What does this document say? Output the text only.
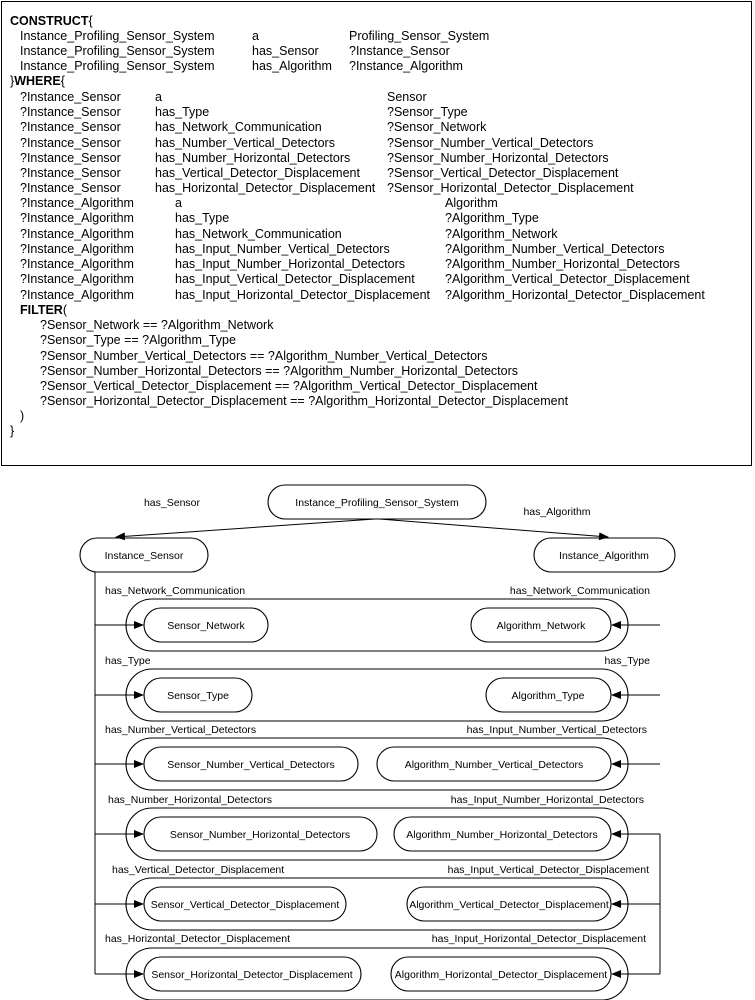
CONSTRUCT{
Instance_Profiling_Sensor_System	a	Profiling_Sensor_System
Instance_Profiling_Sensor_System	has_Sensor ?Instance_Sensor
Instance_Profiling_Sensor_System	has_Algorithm ?Instance_Algorithm
}WHERE{
?Instance_Sensor	a	Sensor
?Instance_Sensor	has_Type	?Sensor_Type
?Instance_Sensor	has_Network_Communication	?Sensor_Network
?Instance_Sensor	has_Number_Vertical_Detectors	?Sensor_Number_Vertical_Detectors
?Instance_Sensor	has_Number_Horizontal_Detectors	?Sensor_Number_Horizontal_Detectors
?Instance_Sensor	has_Vertical_Detector_Displacement ?Sensor_Vertical_Detector_Displacement
?Instance_Sensor	has_Horizontal_Detector_Displacement ?Sensor_Horizontal_Detector_Displacement
?Instance_Algorithm	a	Algorithm
?Instance_Algorithm	has_Type	?Algorithm_Type
?Instance_Algorithm	has_Network_Communication	?Algorithm_Network
?Instance_Algorithm	has_Input_Number_Vertical_Detectors	?Algorithm_Number_Vertical_Detectors
?Instance_Algorithm	has_Input_Number_Horizontal_Detectors	?Algorithm_Number_Horizontal_Detectors
?Instance_Algorithm	has_Input_Vertical_Detector_Displacement ?Algorithm_Vertical_Detector_Displacement
?Instance_Algorithm	has_Input_Horizontal_Detector_Displacement ?Algorithm_Horizontal_Detector_Displacement
FILTER(
?Sensor_Network == ?Algorithm_Network
?Sensor_Type == ?Algorithm_Type
?Sensor_Number_Vertical_Detectors == ?Algorithm_Number_Vertical_Detectors
?Sensor_Number_Horizontal_Detectors == ?Algorithm_Number_Horizontal_Detectors
?Sensor_Vertical_Detector_Displacement == ?Algorithm_Vertical_Detector_Displacement
?Sensor_Horizontal_Detector_Displacement == ?Algorithm_Horizontal_Detector_Displacement
)
}
Instance_Profiling_Sensor_System
Instance_Sensor	Instance_Algorithm
has_Sensor
has_Algorithm
has_Network_Communication	has_Network_Communication
Sensor_Network	Algorithm_Network
has_Type	has_Type
Sensor_Type	Algorithm_Type
has_Number_Vertical_Detectors	has_Input_Number_Vertical_Detectors
Sensor_Number_Vertical_Detectors	Algorithm_Number_Vertical_Detectors
has_Number_Horizontal_Detectors	has_Input_Number_Horizontal_Detectors
Sensor_Number_Horizontal_Detectors	Algorithm_Number_Horizontal_Detectors
has_Vertical_Detector_Displacement	has_Input_Vertical_Detector_Displacement
Sensor_Vertical_Detector_Displacement	Algorithm_Vertical_Detector_Displacement
has_Horizontal_Detector_Displacement	has_Input_Horizontal_Detector_Displacement
Sensor_Horizontal_Detector_Displacement	Algorithm_Horizontal_Detector_Displacement
